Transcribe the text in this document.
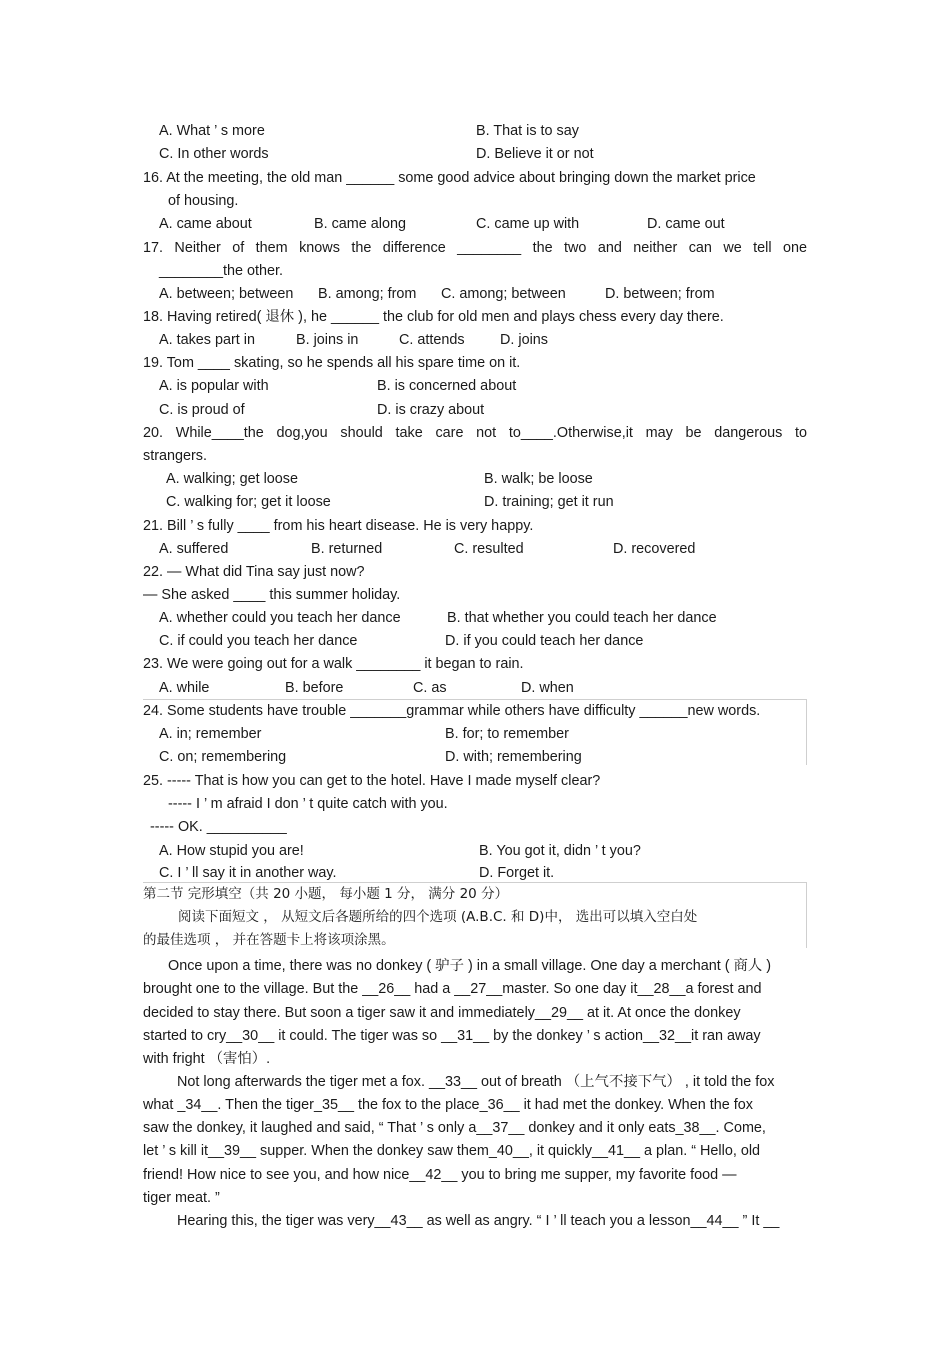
A. What ’ s more	B. That is to say
C. In other words	D. Believe it or not
16. At the meeting, the old man ______ some good advice about bringing down the market price
of housing.
A. came about	B. came along	C. came up with	D. came out
17. Neither of them knows the difference ________ the two and neither can we tell one
________the other.
A. between; between B. among; from C. among; between	D. between; from
18. Having retired( 退休 ), he ______ the club for old men and plays chess every day there.
A. takes part in	B. joins in	C. attends D. joins
19. Tom ____ skating, so he spends all his spare time on it.
A. is popular with	B. is concerned about
C. is proud of	D. is crazy about
20. While____the dog,you should take care not to____.Otherwise,it may be dangerous to
strangers.
A. walking; get loose	B. walk; be loose
C. walking for; get it loose	D. training; get it run
21. Bill ’ s fully ____ from his heart disease. He is very happy.
A. suffered	B. returned	C. resulted	D. recovered
22. — What did Tina say just now?
— She asked ____ this summer holiday.
A. whether could you teach her dance	B. that whether you could teach her dance
C. if could you teach her dance	D. if you could teach her dance
23. We were going out for a walk ________ it began to rain.
A. while	B. before	C. as	D. when
24. Some students have trouble _______grammar while others have difficulty ______new words.
A. in; remember	B. for; to remember
C. on; remembering	D. with; remembering
25. ----- That is how you can get to the hotel. Have I made myself clear?
----- I ’ m afraid I don ’ t quite catch with you.
----- OK. __________
A. How stupid you are!	B. You got it, didn ’ t you?
C. I ’ ll say it in another way.	D. Forget it.
第二节 完形填空（共 20 小题， 每小题 1 分， 满分 20 分）
阅读下面短文 ， 从短文后各题所给的四个选项 (A.B.C. 和 D)中， 选出可以填入空白处
的最佳选项 ， 并在答题卡上将该项涂黑。
Once upon a time, there was no donkey ( 驴子 ) in a small village. One day a merchant ( 商人 )
brought one to the village. But the __26__ had a __27__master. So one day it__28__a forest and
decided to stay there. But soon a tiger saw it and immediately__29__ at it. At once the donkey
started to cry__30__ it could. The tiger was so __31__ by the donkey ’ s action__32__it ran away
with fright （害怕）.
Not long afterwards the tiger met a fox. __33__ out of breath （上气不接下气） , it told the fox
what _34__. Then the tiger_35__ the fox to the place_36__ it had met the donkey. When the fox
saw the donkey, it laughed and said, “ That ’ s only a__37__ donkey and it only eats_38__. Come,
let ’ s kill it__39__ supper. When the donkey saw them_40__, it quickly__41__ a plan. “ Hello, old
friend! How nice to see you, and how nice__42__ you to bring me supper, my favorite food —
tiger meat. ”
Hearing this, the tiger was very__43__ as well as angry. “ I ’ ll teach you a lesson__44__ ” It __
